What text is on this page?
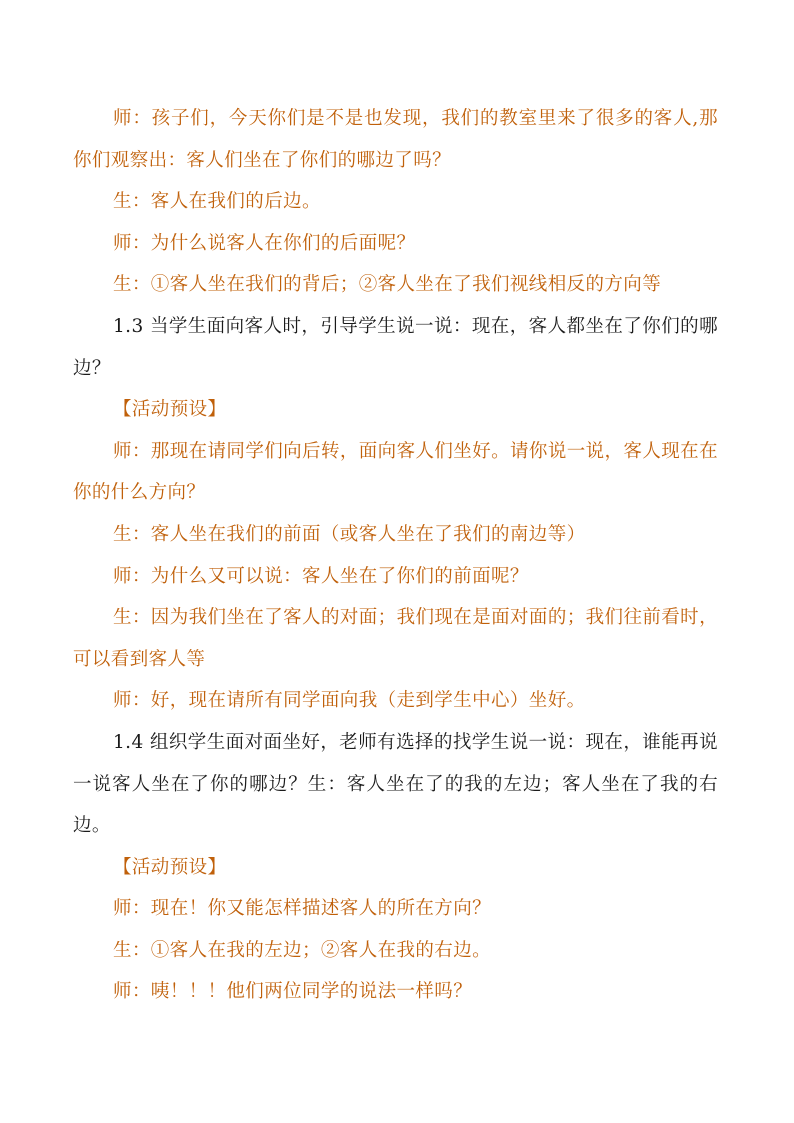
师：孩子们，今天你们是不是也发现，我们的教室里来了很多的客人,那你们观察出：客人们坐在了你们的哪边了吗？

生：客人在我们的后边。

师：为什么说客人在你们的后面呢？

生：①客人坐在我们的背后；②客人坐在了我们视线相反的方向等

1.3 当学生面向客人时，引导学生说一说：现在，客人都坐在了你们的哪边？

【活动预设】

师：那现在请同学们向后转，面向客人们坐好。请你说一说，客人现在在你的什么方向？

生：客人坐在我们的前面（或客人坐在了我们的南边等）

师：为什么又可以说：客人坐在了你们的前面呢？

生：因为我们坐在了客人的对面；我们现在是面对面的；我们往前看时，可以看到客人等

师：好，现在请所有同学面向我（走到学生中心）坐好。

1.4 组织学生面对面坐好，老师有选择的找学生说一说：现在，谁能再说一说客人坐在了你的哪边？生：客人坐在了的我的左边；客人坐在了我的右边。

【活动预设】

师：现在！你又能怎样描述客人的所在方向？

生：①客人在我的左边；②客人在我的右边。

师：咦！！！他们两位同学的说法一样吗？
